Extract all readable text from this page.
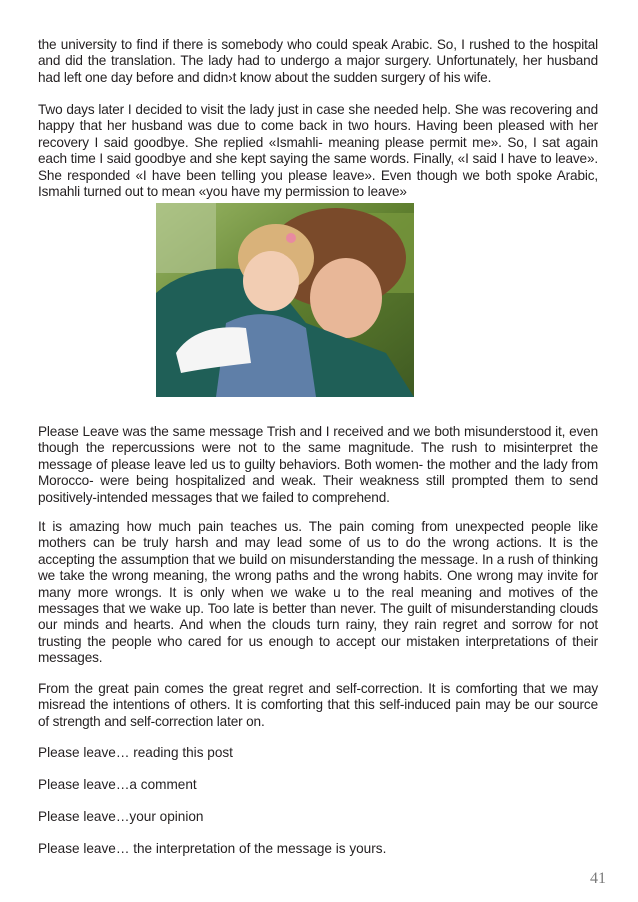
the university to find if there is somebody who could speak Arabic. So, I rushed to the hospital and did the translation. The lady had to undergo a major surgery. Unfortunately, her husband had left one day before and didn›t know about the sudden surgery of his wife.

Two days later I decided to visit the lady just in case she needed help. She was recovering and happy that her husband was due to come back in two hours. Having been pleased with her recovery I said goodbye. She replied «Ismahli- meaning please permit me». So, I sat again each time I said goodbye and she kept saying the same words. Finally, «I said I have to leave». She responded «I have been telling you please leave». Even though we both spoke Arabic, Ismahli turned out to mean «you have my permission to leave»

Please Leave was the same message Trish and I received and we both misunderstood it, even though the repercussions were not to the same magnitude. The rush to misinterpret the message of please leave led us to guilty behaviors. Both women- the mother and the lady from Morocco- were being hospitalized and weak. Their weakness still prompted them to send positively-intended messages that we failed to comprehend.

It is amazing how much pain teaches us. The pain coming from unexpected people like mothers can be truly harsh and may lead some of us to do the wrong actions. It is the accepting the assumption that we build on misunderstanding the message. In a rush of thinking we take the wrong meaning, the wrong paths and the wrong habits. One wrong may invite for many more wrongs. It is only when we wake u to the real meaning and motives of the messages that we wake up. Too late is better than never. The guilt of misunderstanding clouds our minds and hearts. And when the clouds turn rainy, they rain regret and sorrow for not trusting the people who cared for us enough to accept our mistaken interpretations of their messages.

From the great pain comes the great regret and self-correction. It is comforting that we may misread the intentions of others. It is comforting that this self-induced pain may be our source of strength and self-correction later on.

Please leave… reading this post

Please leave…a comment

Please leave…your opinion

Please leave… the interpretation of the message is yours.

41
